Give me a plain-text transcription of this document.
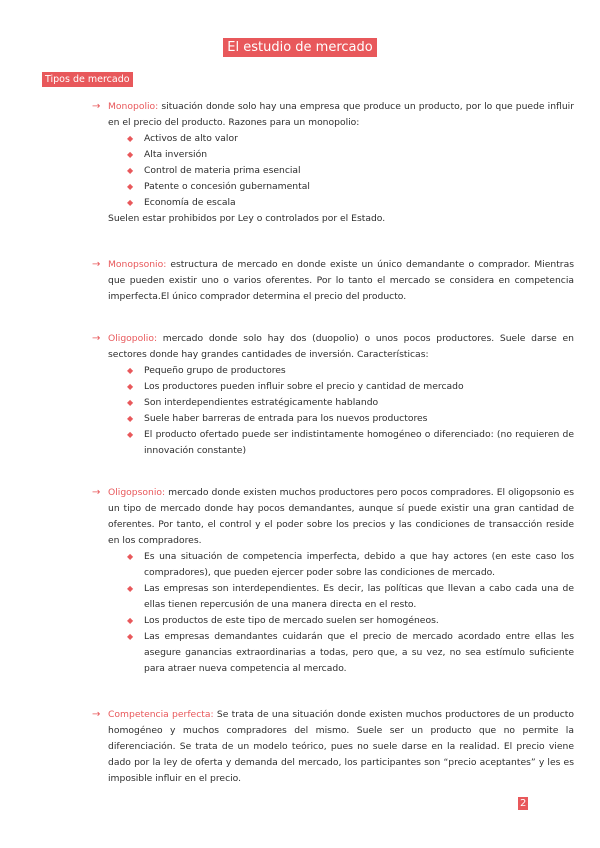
El estudio de mercado
Tipos de mercado
→ Monopolio: situación donde solo hay una empresa que produce un producto, por lo que puede influir en el precio del producto. Razones para un monopolio:
◆ Activos de alto valor
◆ Alta inversión
◆ Control de materia prima esencial
◆ Patente o concesión gubernamental
◆ Economía de escala
Suelen estar prohibidos por Ley o controlados por el Estado.
→ Monopsonio: estructura de mercado en donde existe un único demandante o comprador. Mientras que pueden existir uno o varios oferentes. Por lo tanto el mercado se considera en competencia imperfecta.El único comprador determina el precio del producto.
→ Oligopolio: mercado donde solo hay dos (duopolio) o unos pocos productores. Suele darse en sectores donde hay grandes cantidades de inversión. Características:
◆ Pequeño grupo de productores
◆ Los productores pueden influir sobre el precio y cantidad de mercado
◆ Son interdependientes estratégicamente hablando
◆ Suele haber barreras de entrada para los nuevos productores
◆ El producto ofertado puede ser indistintamente homogéneo o diferenciado: (no requieren de innovación constante)
→ Oligopsonio: mercado donde existen muchos productores pero pocos compradores. El oligopsonio es un tipo de mercado donde hay pocos demandantes, aunque sí puede existir una gran cantidad de oferentes. Por tanto, el control y el poder sobre los precios y las condiciones de transacción reside en los compradores.
◆ Es una situación de competencia imperfecta, debido a que hay actores (en este caso los compradores), que pueden ejercer poder sobre las condiciones de mercado.
◆ Las empresas son interdependientes. Es decir, las políticas que llevan a cabo cada una de ellas tienen repercusión de una manera directa en el resto.
◆ Los productos de este tipo de mercado suelen ser homogéneos.
◆ Las empresas demandantes cuidarán que el precio de mercado acordado entre ellas les asegure ganancias extraordinarias a todas, pero que, a su vez, no sea estímulo suficiente para atraer nueva competencia al mercado.
→ Competencia perfecta: Se trata de una situación donde existen muchos productores de un producto homogéneo y muchos compradores del mismo. Suele ser un producto que no permite la diferenciación. Se trata de un modelo teórico, pues no suele darse en la realidad. El precio viene dado por la ley de oferta y demanda del mercado, los participantes son “precio aceptantes” y les es imposible influir en el precio.
2
